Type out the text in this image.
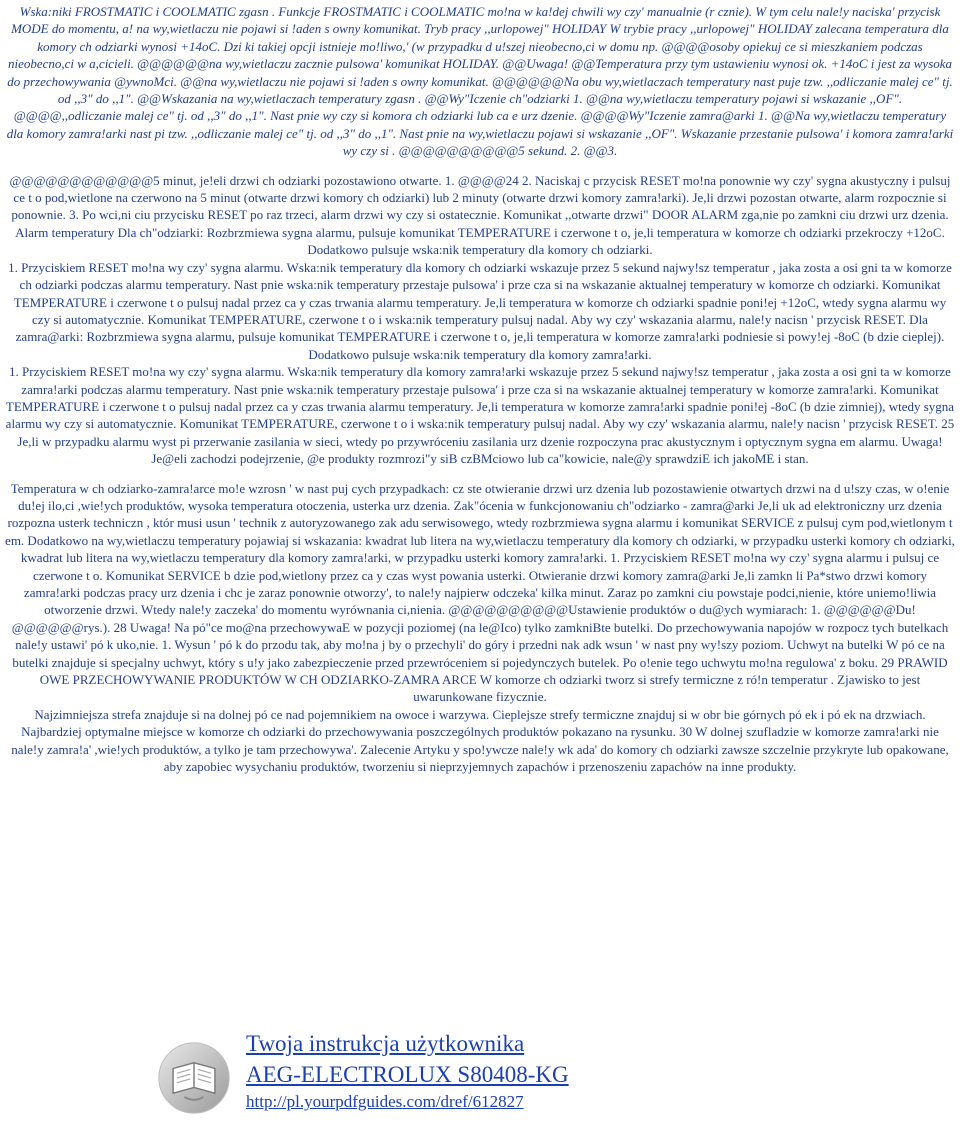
Wska:niki FROSTMATIC i COOLMATIC zgasn . Funkcje FROSTMATIC i COOLMATIC mo!na w ka!dej chwili wy czy' manualnie (r cznie). W tym celu nale!y naciska' przycisk MODE do momentu, a! na wy,wietlaczu nie pojawi si !aden s owny komunikat. Tryb pracy ,,urlopowej" HOLIDAY W trybie pracy ,,urlopowej" HOLIDAY zalecana temperatura dla komory ch odziarki wynosi +14oC. Dzi ki takiej opcji istnieje mo!liwo,' (w przypadku d u!szej nieobecno,ci w domu np. @@@@osoby opiekuj ce si mieszkaniem podczas nieobecno,ci w a,cicieli. @@@@@@na wy,wietlaczu zacznie pulsowa' komunikat HOLIDAY. @@Uwaga! @@Temperatura przy tym ustawieniu wynosi ok. +14oC i jest za wysoka do przechowywania @ywnoMci. @@na wy,wietlaczu nie pojawi si !aden s owny komunikat. @@@@@@Na obu wy,wietlaczach temperatury nast puje tzw. ,,odliczanie malej ce" tj. od ,,3" do ,,1". @@Wskazania na wy,wietlaczach temperatury zgasn . @@Wy"Iczenie ch"odziarki 1. @@na wy,wietlaczu temperatury pojawi si wskazanie ,,OF". @@@@,,odliczanie malej ce" tj. od ,,3" do ,,1". Nast pnie wy czy si komora ch odziarki lub ca e urz dzenie. @@@@Wy"Iczenie zamra@arki 1. @@Na wy,wietlaczu temperatury dla komory zamra!arki nast pi tzw. ,,odliczanie malej ce" tj. od ,,3" do ,,1". Nast pnie na wy,wietlaczu pojawi si wskazanie ,,OF". Wskazanie przestanie pulsowa' i komora zamra!arki wy czy si . @@@@@@@@@@5 sekund. 2. @@3.

@@@@@@@@@@@@5 minut, je!eli drzwi ch odziarki pozostawiono otwarte. 1. @@@@24 2. Naciskaj c przycisk RESET mo!na ponownie wy czy' sygna akustyczny i pulsuj ce t o pod,wietlone na czerwono na 5 minut (otwarte drzwi komory ch odziarki) lub 2 minuty (otwarte drzwi komory zamra!arki). Je,li drzwi pozostan otwarte, alarm rozpocznie si ponownie. 3. Po wci,ni ciu przycisku RESET po raz trzeci, alarm drzwi wy czy si ostatecznie. Komunikat ,,otwarte drzwi" DOOR ALARM zga,nie po zamkni ciu drzwi urz dzenia. Alarm temperatury Dla ch"odziarki: Rozbrzmiewa sygna alarmu, pulsuje komunikat TEMPERATURE i czerwone t o, je,li temperatura w komorze ch odziarki przekroczy +12oC. Dodatkowo pulsuje wska:nik temperatury dla komory ch odziarki.

1. Przyciskiem RESET mo!na wy czy' sygna alarmu. Wska:nik temperatury dla komory ch odziarki wskazuje przez 5 sekund najwy!sz temperatur , jaka zosta a osi gni ta w komorze ch odziarki podczas alarmu temperatury. Nast pnie wska:nik temperatury przestaje pulsowa' i prze cza si na wskazanie aktualnej temperatury w komorze ch odziarki. Komunikat TEMPERATURE i czerwone t o pulsuj nadal przez ca y czas trwania alarmu temperatury. Je,li temperatura w komorze ch odziarki spadnie poni!ej +12oC, wtedy sygna alarmu wy czy si automatycznie. Komunikat TEMPERATURE, czerwone t o i wska:nik temperatury pulsuj nadal. Aby wy czy' wskazania alarmu, nale!y nacisn ' przycisk RESET. Dla zamra@arki: Rozbrzmiewa sygna alarmu, pulsuje komunikat TEMPERATURE i czerwone t o, je,li temperatura w komorze zamra!arki podniesie si powy!ej -8oC (b dzie cieplej). Dodatkowo pulsuje wska:nik temperatury dla komory zamra!arki.

1. Przyciskiem RESET mo!na wy czy' sygna alarmu. Wska:nik temperatury dla komory zamra!arki wskazuje przez 5 sekund najwy!sz temperatur , jaka zosta a osi gni ta w komorze zamra!arki podczas alarmu temperatury. Nast pnie wska:nik temperatury przestaje pulsowa' i prze cza si na wskazanie aktualnej temperatury w komorze zamra!arki. Komunikat TEMPERATURE i czerwone t o pulsuj nadal przez ca y czas trwania alarmu temperatury. Je,li temperatura w komorze zamra!arki spadnie poni!ej -8oC (b dzie zimniej), wtedy sygna alarmu wy czy si automatycznie. Komunikat TEMPERATURE, czerwone t o i wska:nik temperatury pulsuj nadal. Aby wy czy' wskazania alarmu, nale!y nacisn ' przycisk RESET. 25 Je,li w przypadku alarmu wyst pi przerwanie zasilania w sieci, wtedy po przywróceniu zasilania urz dzenie rozpoczyna prac akustycznym i optycznym sygna em alarmu. Uwaga! Je@eli zachodzi podejrzenie, @e produkty rozmrozi"y siB czBMciowo lub ca"kowicie, nale@y sprawdziE ich jakoME i stan.

Temperatura w ch odziarko-zamra!arce mo!e wzrosn ' w nast puj cych przypadkach: cz ste otwieranie drzwi urz dzenia lub pozostawienie otwartych drzwi na d u!szy czas, w o!enie du!ej ilo,ci ,wie!ych produktów, wysoka temperatura otoczenia, usterka urz dzenia. Zak"ócenia w funkcjonowaniu ch"odziarko - zamra@arki Je,li uk ad elektroniczny urz dzenia rozpozna usterk techniczn , któr musi usun ' technik z autoryzowanego zak adu serwisowego, wtedy rozbrzmiewa sygna alarmu i komunikat SERVICE z pulsuj cym pod,wietlonym t em. Dodatkowo na wy,wietlaczu temperatury pojawiaj si wskazania: kwadrat lub litera na wy,wietlaczu temperatury dla komory ch odziarki, w przypadku usterki komory ch odziarki, kwadrat lub litera na wy,wietlaczu temperatury dla komory zamra!arki, w przypadku usterki komory zamra!arki. 1. Przyciskiem RESET mo!na wy czy' sygna alarmu i pulsuj ce czerwone t o. Komunikat SERVICE b dzie pod,wietlony przez ca y czas wyst powania usterki. Otwieranie drzwi komory zamra@arki Je,li zamkn li Pa*stwo drzwi komory zamra!arki podczas pracy urz dzenia i chc je zaraz ponownie otworzy', to nale!y najpierw odczeka' kilka minut. Zaraz po zamkni ciu powstaje podci,nienie, które uniemo!liwia otworzenie drzwi. Wtedy nale!y zaczeka' do momentu wyrównania ci,nienia. @@@@@@@@@@Ustawienie produktów o du@ych wymiarach: 1. @@@@@@Du! @@@@@@rys.). 28 Uwaga! Na pó"ce mo@na przechowywaE w pozycji poziomej (na le@Ico) tylko zamkniBte butelki. Do przechowywania napojów w rozpocz tych butelkach nale!y ustawi' pó k uko,nie. 1. Wysun ' pó k do przodu tak, aby mo!na j by o przechyli' do góry i przedni nak adk wsun ' w nast pny wy!szy poziom. Uchwyt na butelki W pó ce na butelki znajduje si specjalny uchwyt, który s u!y jako zabezpieczenie przed przewróceniem si pojedynczych butelek. Po o!enie tego uchwytu mo!na regulowa' z boku. 29 PRAWID OWE PRZECHOWYWANIE PRODUKTÓW W CH ODZIARKO-ZAMRA ARCE W komorze ch odziarki tworz si strefy termiczne z ró!n temperatur . Zjawisko to jest uwarunkowane fizycznie.

Najzimniejsza strefa znajduje si na dolnej pó ce nad pojemnikiem na owoce i warzywa. Cieplejsze strefy termiczne znajduj si w obr bie górnych pó ek i pó ek na drzwiach. Najbardziej optymalne miejsce w komorze ch odziarki do przechowywania poszczególnych produktów pokazano na rysunku. 30 W dolnej szufladzie w komorze zamra!arki nie nale!y zamra!a' ,wie!ych produktów, a tylko je tam przechowywa'. Zalecenie Artyku y spo!ywcze nale!y wk ada' do komory ch odziarki zawsze szczelnie przykryte lub opakowane, aby zapobiec wysychaniu produktów, tworzeniu si nieprzyjemnych zapachów i przenoszeniu zapachów na inne produkty.

Twoja instrukcja użytkownika
AEG-ELECTROLUX S80408-KG
http://pl.yourpdfguides.com/dref/612827
